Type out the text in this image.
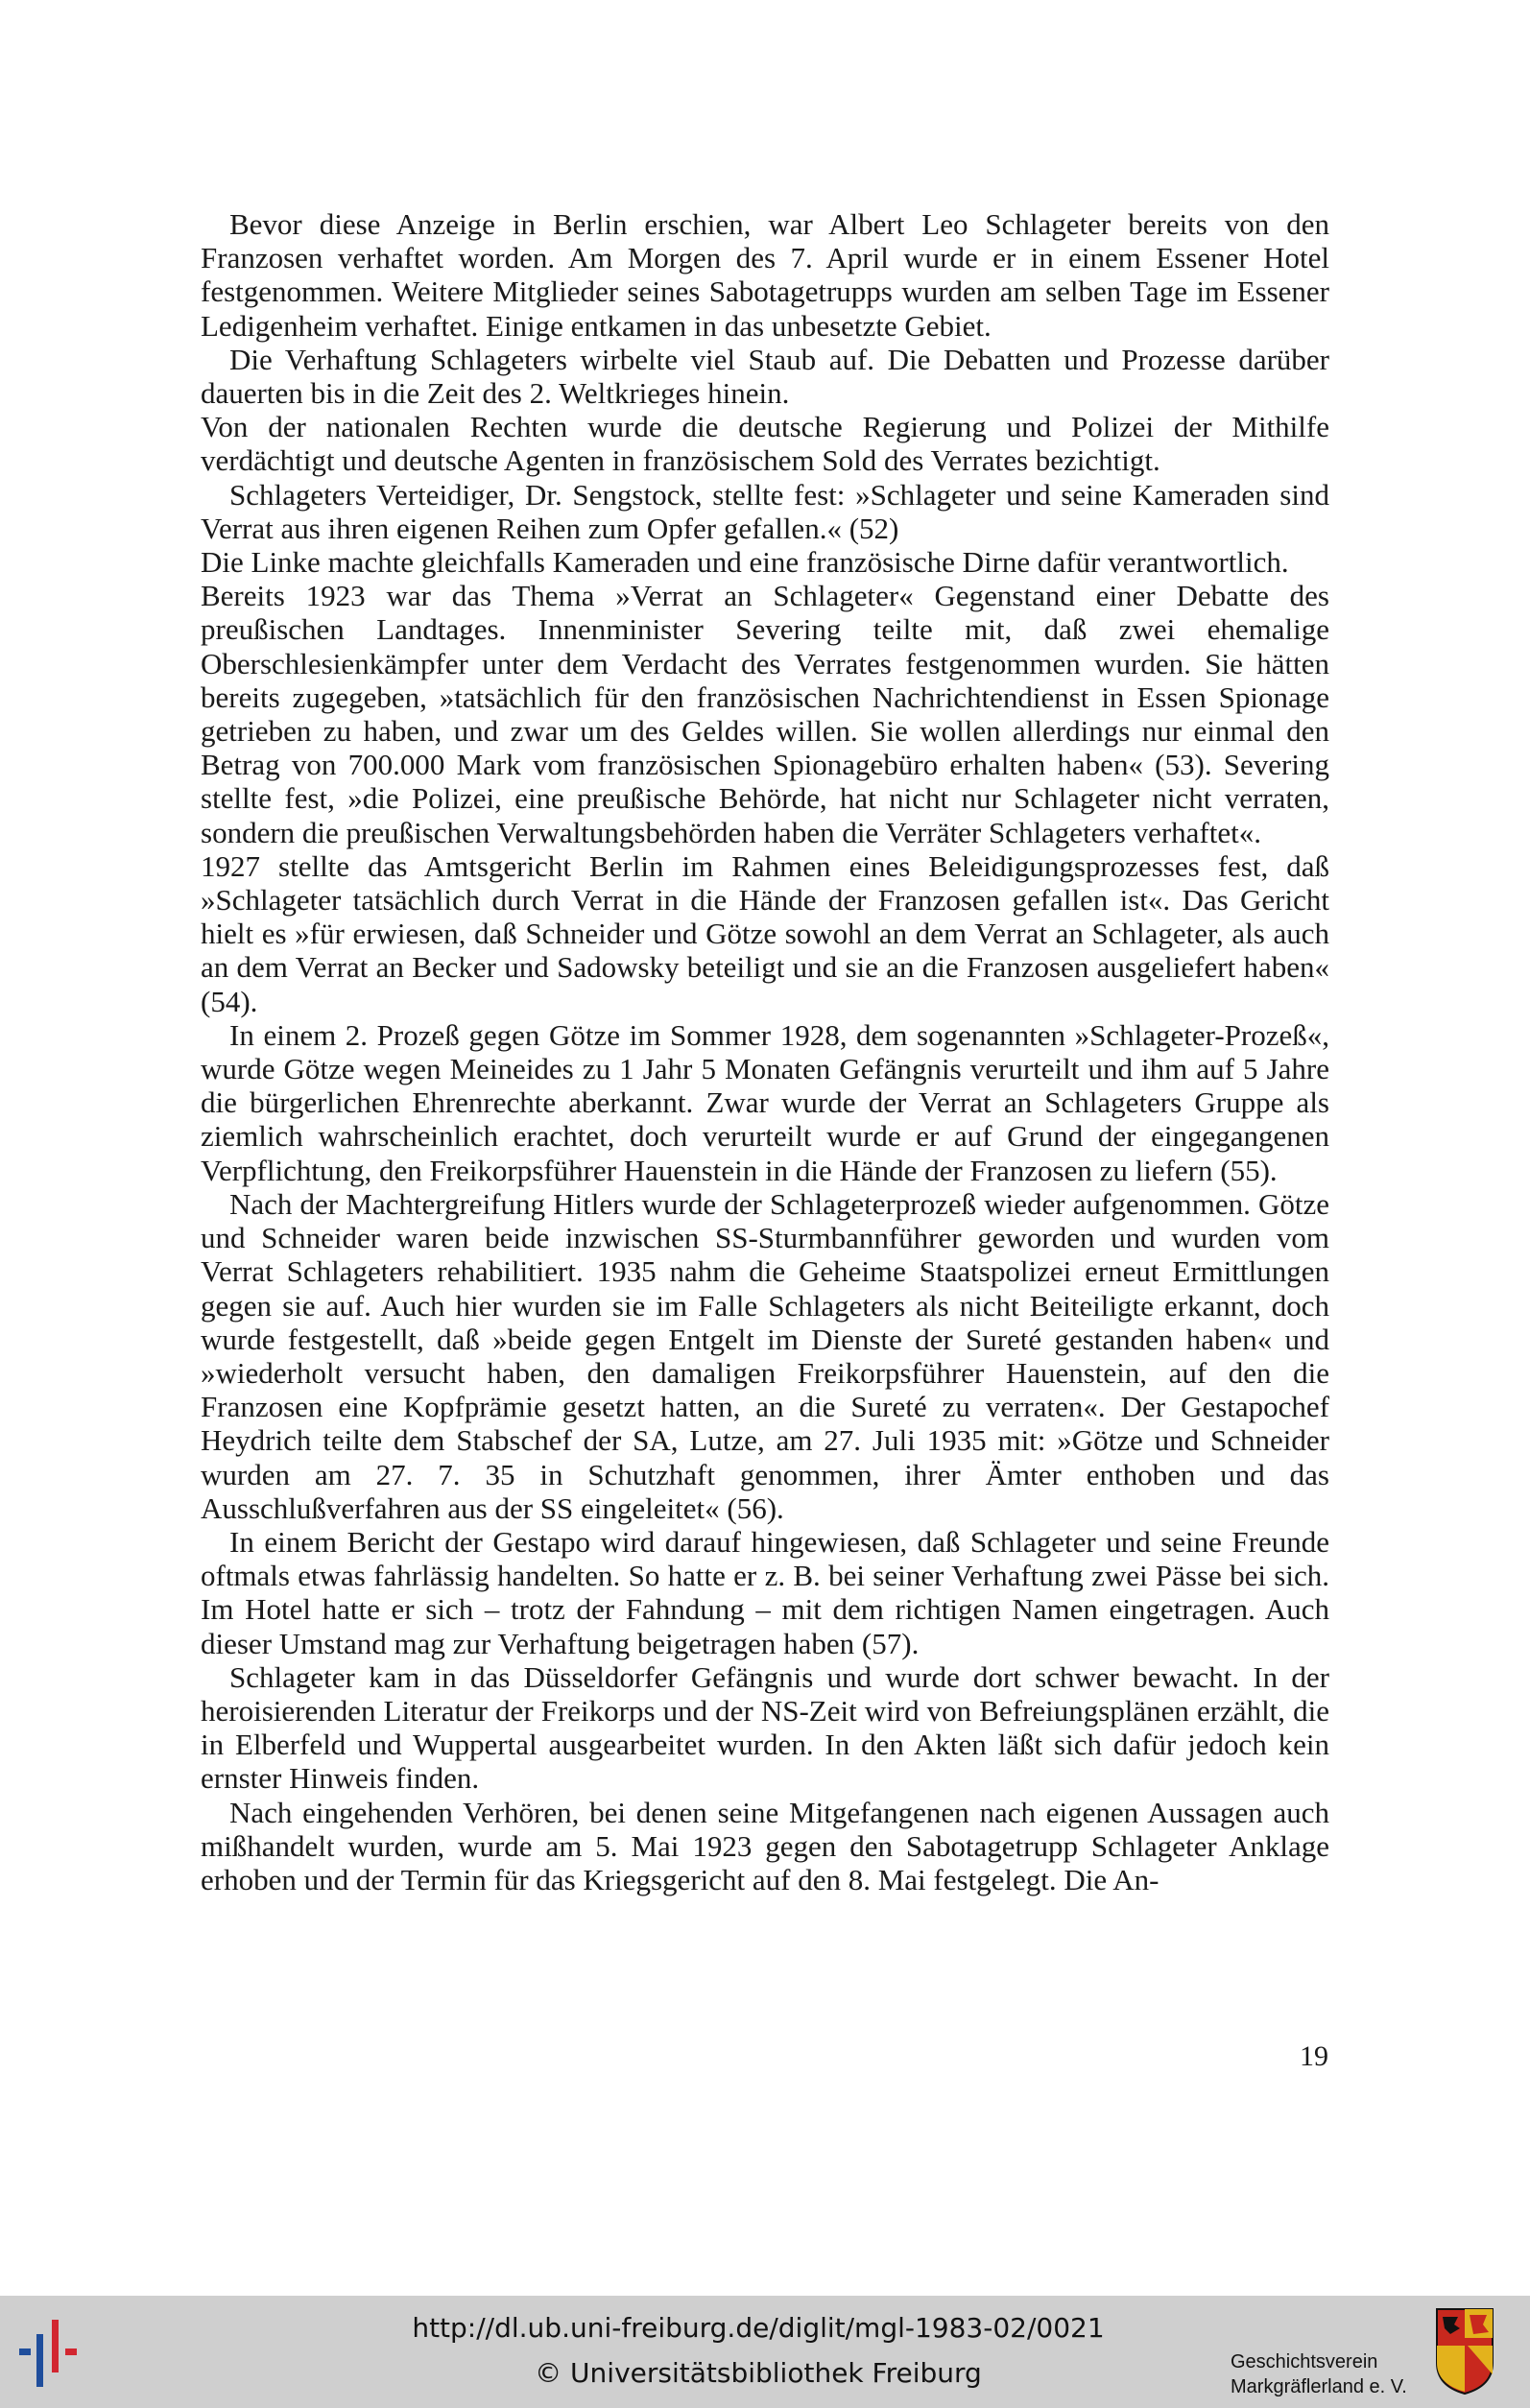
Bevor diese Anzeige in Berlin erschien, war Albert Leo Schlageter bereits von den Franzosen verhaftet worden. Am Morgen des 7. April wurde er in einem Essener Hotel festgenommen. Weitere Mitglieder seines Sabotagetrupps wurden am selben Tage im Essener Ledigenheim verhaftet. Einige entkamen in das unbesetzte Gebiet.

Die Verhaftung Schlageters wirbelte viel Staub auf. Die Debatten und Prozesse darüber dauerten bis in die Zeit des 2. Weltkrieges hinein.

Von der nationalen Rechten wurde die deutsche Regierung und Polizei der Mithilfe verdächtigt und deutsche Agenten in französischem Sold des Verrates bezichtigt.

Schlageters Verteidiger, Dr. Sengstock, stellte fest: »Schlageter und seine Kameraden sind Verrat aus ihren eigenen Reihen zum Opfer gefallen.« (52)

Die Linke machte gleichfalls Kameraden und eine französische Dirne dafür verantwortlich.

Bereits 1923 war das Thema »Verrat an Schlageter« Gegenstand einer Debatte des preußischen Landtages. Innenminister Severing teilte mit, daß zwei ehemalige Oberschlesienkämpfer unter dem Verdacht des Verrates festgenommen wurden. Sie hätten bereits zugegeben, »tatsächlich für den französischen Nachrichtendienst in Essen Spionage getrieben zu haben, und zwar um des Geldes willen. Sie wollen allerdings nur einmal den Betrag von 700.000 Mark vom französischen Spionagebüro erhalten haben« (53). Severing stellte fest, »die Polizei, eine preußische Behörde, hat nicht nur Schlageter nicht verraten, sondern die preußischen Verwaltungsbehörden haben die Verräter Schlageters verhaftet«.

1927 stellte das Amtsgericht Berlin im Rahmen eines Beleidigungsprozesses fest, daß »Schlageter tatsächlich durch Verrat in die Hände der Franzosen gefallen ist«. Das Gericht hielt es »für erwiesen, daß Schneider und Götze sowohl an dem Verrat an Schlageter, als auch an dem Verrat an Becker und Sadowsky beteiligt und sie an die Franzosen ausgeliefert haben« (54).

In einem 2. Prozeß gegen Götze im Sommer 1928, dem sogenannten »Schlageter-Prozeß«, wurde Götze wegen Meineides zu 1 Jahr 5 Monaten Gefängnis verurteilt und ihm auf 5 Jahre die bürgerlichen Ehrenrechte aberkannt. Zwar wurde der Verrat an Schlageters Gruppe als ziemlich wahrscheinlich erachtet, doch verurteilt wurde er auf Grund der eingegangenen Verpflichtung, den Freikorpsführer Hauenstein in die Hände der Franzosen zu liefern (55).

Nach der Machtergreifung Hitlers wurde der Schlageterprozeß wieder aufgenommen. Götze und Schneider waren beide inzwischen SS-Sturmbannführer geworden und wurden vom Verrat Schlageters rehabilitiert. 1935 nahm die Geheime Staatspolizei erneut Ermittlungen gegen sie auf. Auch hier wurden sie im Falle Schlageters als nicht Beiteiligte erkannt, doch wurde festgestellt, daß »beide gegen Entgelt im Dienste der Sureté gestanden haben« und »wiederholt versucht haben, den damaligen Freikorpsführer Hauenstein, auf den die Franzosen eine Kopfprämie gesetzt hatten, an die Sureté zu verraten«. Der Gestapochef Heydrich teilte dem Stabschef der SA, Lutze, am 27. Juli 1935 mit: »Götze und Schneider wurden am 27. 7. 35 in Schutzhaft genommen, ihrer Ämter enthoben und das Ausschlußverfahren aus der SS eingeleitet« (56).

In einem Bericht der Gestapo wird darauf hingewiesen, daß Schlageter und seine Freunde oftmals etwas fahrlässig handelten. So hatte er z. B. bei seiner Verhaftung zwei Pässe bei sich. Im Hotel hatte er sich – trotz der Fahndung – mit dem richtigen Namen eingetragen. Auch dieser Umstand mag zur Verhaftung beigetragen haben (57).

Schlageter kam in das Düsseldorfer Gefängnis und wurde dort schwer bewacht. In der heroisierenden Literatur der Freikorps und der NS-Zeit wird von Befreiungsplänen erzählt, die in Elberfeld und Wuppertal ausgearbeitet wurden. In den Akten läßt sich dafür jedoch kein ernster Hinweis finden.

Nach eingehenden Verhören, bei denen seine Mitgefangenen nach eigenen Aussagen auch mißhandelt wurden, wurde am 5. Mai 1923 gegen den Sabotagetrupp Schlageter Anklage erhoben und der Termin für das Kriegsgericht auf den 8. Mai festgelegt. Die An-

19
http://dl.ub.uni-freiburg.de/diglit/mgl-1983-02/0021
© Universitätsbibliothek Freiburg	Geschichtsverein
Markgräflerland e. V.
